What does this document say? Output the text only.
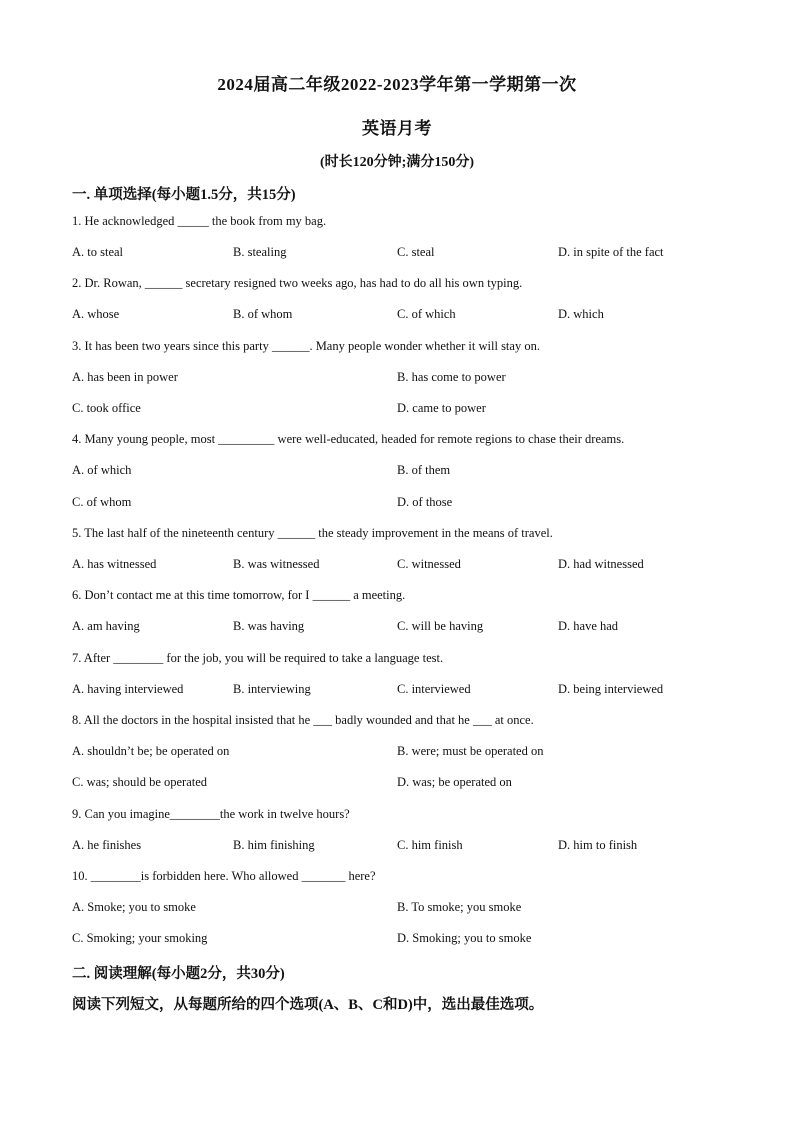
2024届高二年级2022-2023学年第一学期第一次
英语月考
(时长120分钟;满分150分)
一. 单项选择(每小题1.5分，共15分)
1. He acknowledged _____ the book from my bag.
A. to steal	B. stealing	C. steal	D. in spite of the fact
2. Dr. Rowan, ______ secretary resigned two weeks ago, has had to do all his own typing.
A. whose	B. of whom	C. of which	D. which
3. It has been two years since this party ______. Many people wonder whether it will stay on.
A. has been in power	B. has come to power
C. took office	D. came to power
4. Many young people, most _________ were well-educated, headed for remote regions to chase their dreams.
A. of which	B. of them
C. of whom	D. of those
5. The last half of the nineteenth century ______ the steady improvement in the means of travel.
A. has witnessed	B. was witnessed	C. witnessed	D. had witnessed
6. Don’t contact me at this time tomorrow, for I ______ a meeting.
A. am having	B. was having	C. will be having	D. have had
7. After ________ for the job, you will be required to take a language test.
A. having interviewed	B. interviewing	C. interviewed	D. being interviewed
8. All the doctors in the hospital insisted that he ___ badly wounded and that he ___ at once.
A. shouldn’t be; be operated on	B. were; must be operated on
C. was; should be operated	D. was; be operated on
9. Can you imagine________the work in twelve hours?
A. he finishes	B. him finishing	C. him finish	D. him to finish
10. ________is forbidden here. Who allowed _______ here?
A. Smoke; you to smoke	B. To smoke; you smoke
C. Smoking; your smoking	D. Smoking; you to smoke
二. 阅读理解(每小题2分，共30分)
阅读下列短文，从每题所给的四个选项(A、B、C和D)中，选出最佳选项。
